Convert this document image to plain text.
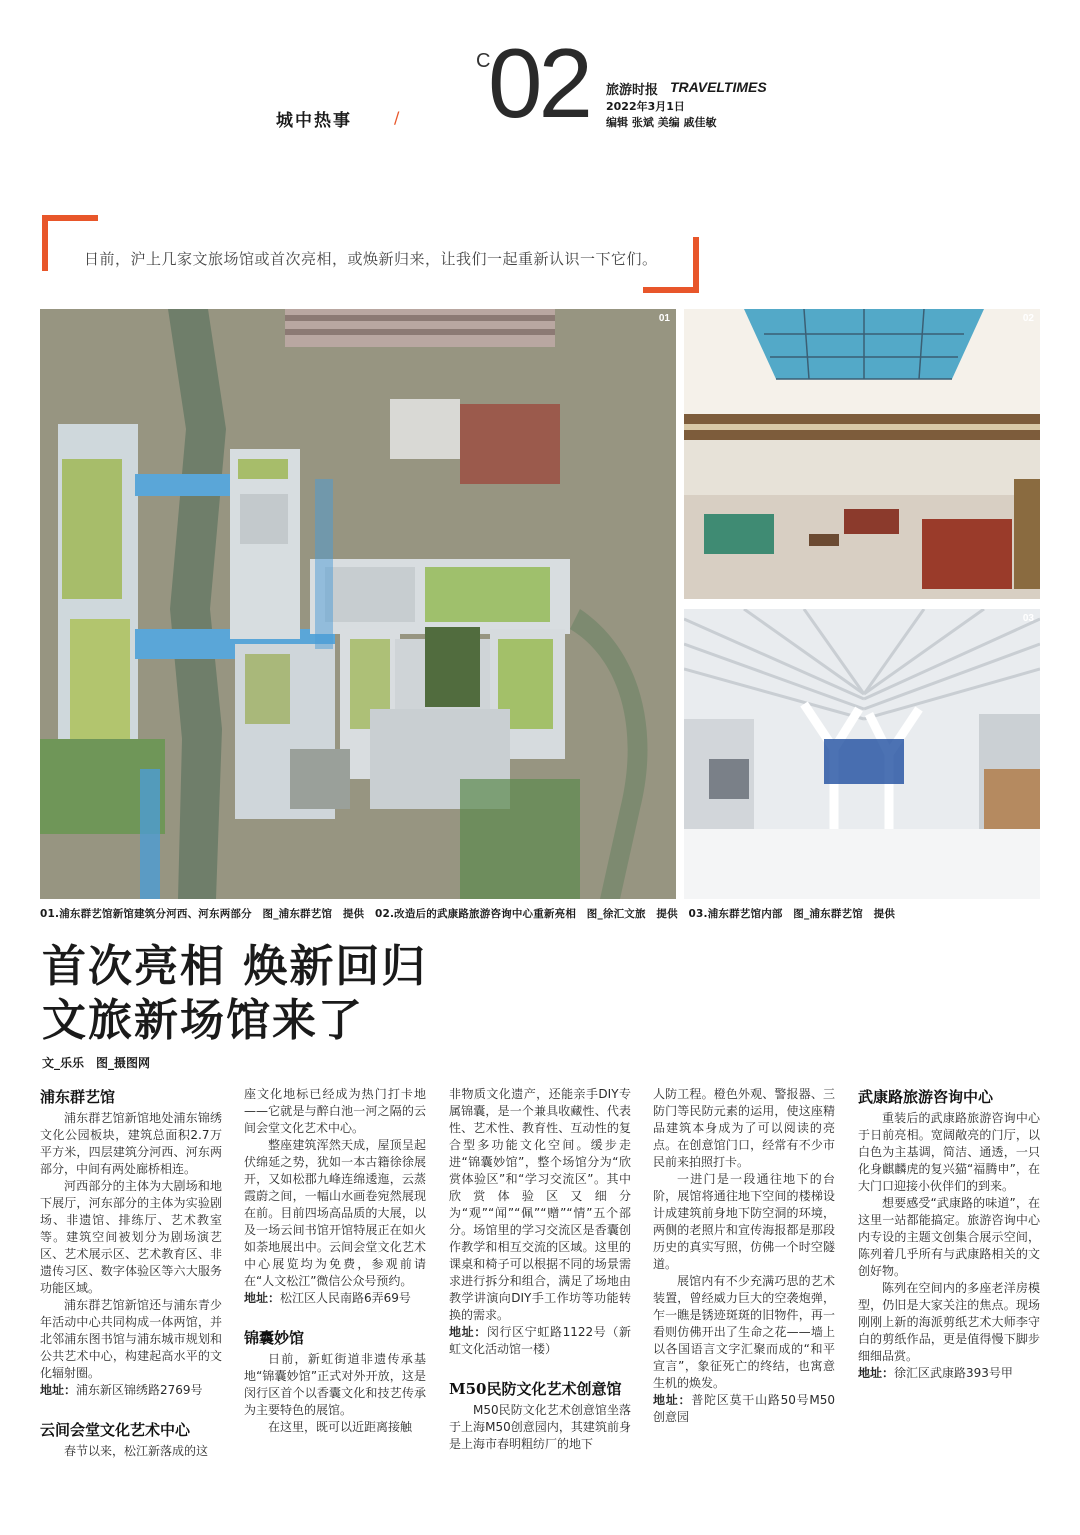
城中热事	/
C
02 旅游时报 TRAVELTIMES
2022年3月1日
编辑 张斌 美编 戚佳敏
日前，沪上几家文旅场馆或首次亮相，或焕新归来，让我们一起重新认识一下它们。
01	02
03
01.浦东群艺馆新馆建筑分河西、河东两部分　图_浦东群艺馆　提供　02.改造后的武康路旅游咨询中心重新亮相　图_徐汇文旅　提供　03.浦东群艺馆内部　图_浦东群艺馆　提供
首次亮相 焕新回归
文旅新场馆来了
文_乐乐　图_摄图网
浦东群艺馆

浦东群艺馆新馆地处浦东锦绣文化公园板块，建筑总面积2.7万平方米，四层建筑分河西、河东两部分，中间有两处廊桥相连。

河西部分的主体为大剧场和地下展厅，河东部分的主体为实验剧场、非遗馆、排练厅、艺术教室等。建筑空间被划分为剧场演艺区、艺术展示区、艺术教育区、非遗传习区、数字体验区等六大服务功能区域。

浦东群艺馆新馆还与浦东青少年活动中心共同构成一体两馆，并北邻浦东图书馆与浦东城市规划和公共艺术中心，构建起高水平的文化辐射圈。

地址：浦东新区锦绣路2769号

云间会堂文化艺术中心

春节以来，松江新落成的这

座文化地标已经成为热门打卡地——它就是与醉白池一河之隔的云间会堂文化艺术中心。

整座建筑浑然天成，屋顶呈起伏绵延之势，犹如一本古籍徐徐展开，又如松郡九峰连绵逶迤，云蒸霞蔚之间，一幅山水画卷宛然展现在前。目前四场高品质的大展，以及一场云间书馆开馆特展正在如火如荼地展出中。云间会堂文化艺术中心展览均为免费，参观前请在“人文松江”微信公众号预约。

地址：松江区人民南路6弄69号

锦囊妙馆

日前，新虹街道非遗传承基地“锦囊妙馆”正式对外开放，这是闵行区首个以香囊文化和技艺传承为主要特色的展馆。

在这里，既可以近距离接触

非物质文化遗产，还能亲手DIY专属锦囊，是一个兼具收藏性、代表性、艺术性、教育性、互动性的复合型多功能文化空间。缓步走进“锦囊妙馆”，整个场馆分为“欣赏体验区”和“学习交流区”。其中欣赏体验区又细分为“观”“闻”“佩”“赠”“情”五个部分。场馆里的学习交流区是香囊创作教学和相互交流的区域。这里的课桌和椅子可以根据不同的场景需求进行拆分和组合，满足了场地由教学讲演向DIY手工作坊等功能转换的需求。

地址：闵行区宁虹路1122号（新虹文化活动馆一楼）

M50民防文化艺术创意馆

M50民防文化艺术创意馆坐落于上海M50创意园内，其建筑前身是上海市春明粗纺厂的地下

人防工程。橙色外观、警报器、三防门等民防元素的运用，使这座精品建筑本身成为了可以阅读的亮点。在创意馆门口，经常有不少市民前来拍照打卡。

一进门是一段通往地下的台阶，展馆将通往地下空间的楼梯设计成建筑前身地下防空洞的环境，两侧的老照片和宣传海报都是那段历史的真实写照，仿佛一个时空隧道。

展馆内有不少充满巧思的艺术装置，曾经威力巨大的空袭炮弹，乍一瞧是锈迹斑斑的旧物件，再一看则仿佛开出了生命之花——墙上以各国语言文字汇聚而成的“和平宣言”，象征死亡的终结，也寓意生机的焕发。

地址：普陀区莫干山路50号M50创意园

武康路旅游咨询中心

重装后的武康路旅游咨询中心于日前亮相。宽阔敞亮的门厅，以白色为主基调，简洁、通透，一只化身麒麟虎的复兴猫“福腾申”，在大门口迎接小伙伴们的到来。

想要感受“武康路的味道”，在这里一站都能搞定。旅游咨询中心内专设的主题文创集合展示空间，陈列着几乎所有与武康路相关的文创好物。

陈列在空间内的多座老洋房模型，仍旧是大家关注的焦点。现场刚刚上新的海派剪纸艺术大师李守白的剪纸作品，更是值得慢下脚步细细品赏。

地址：徐汇区武康路393号甲
